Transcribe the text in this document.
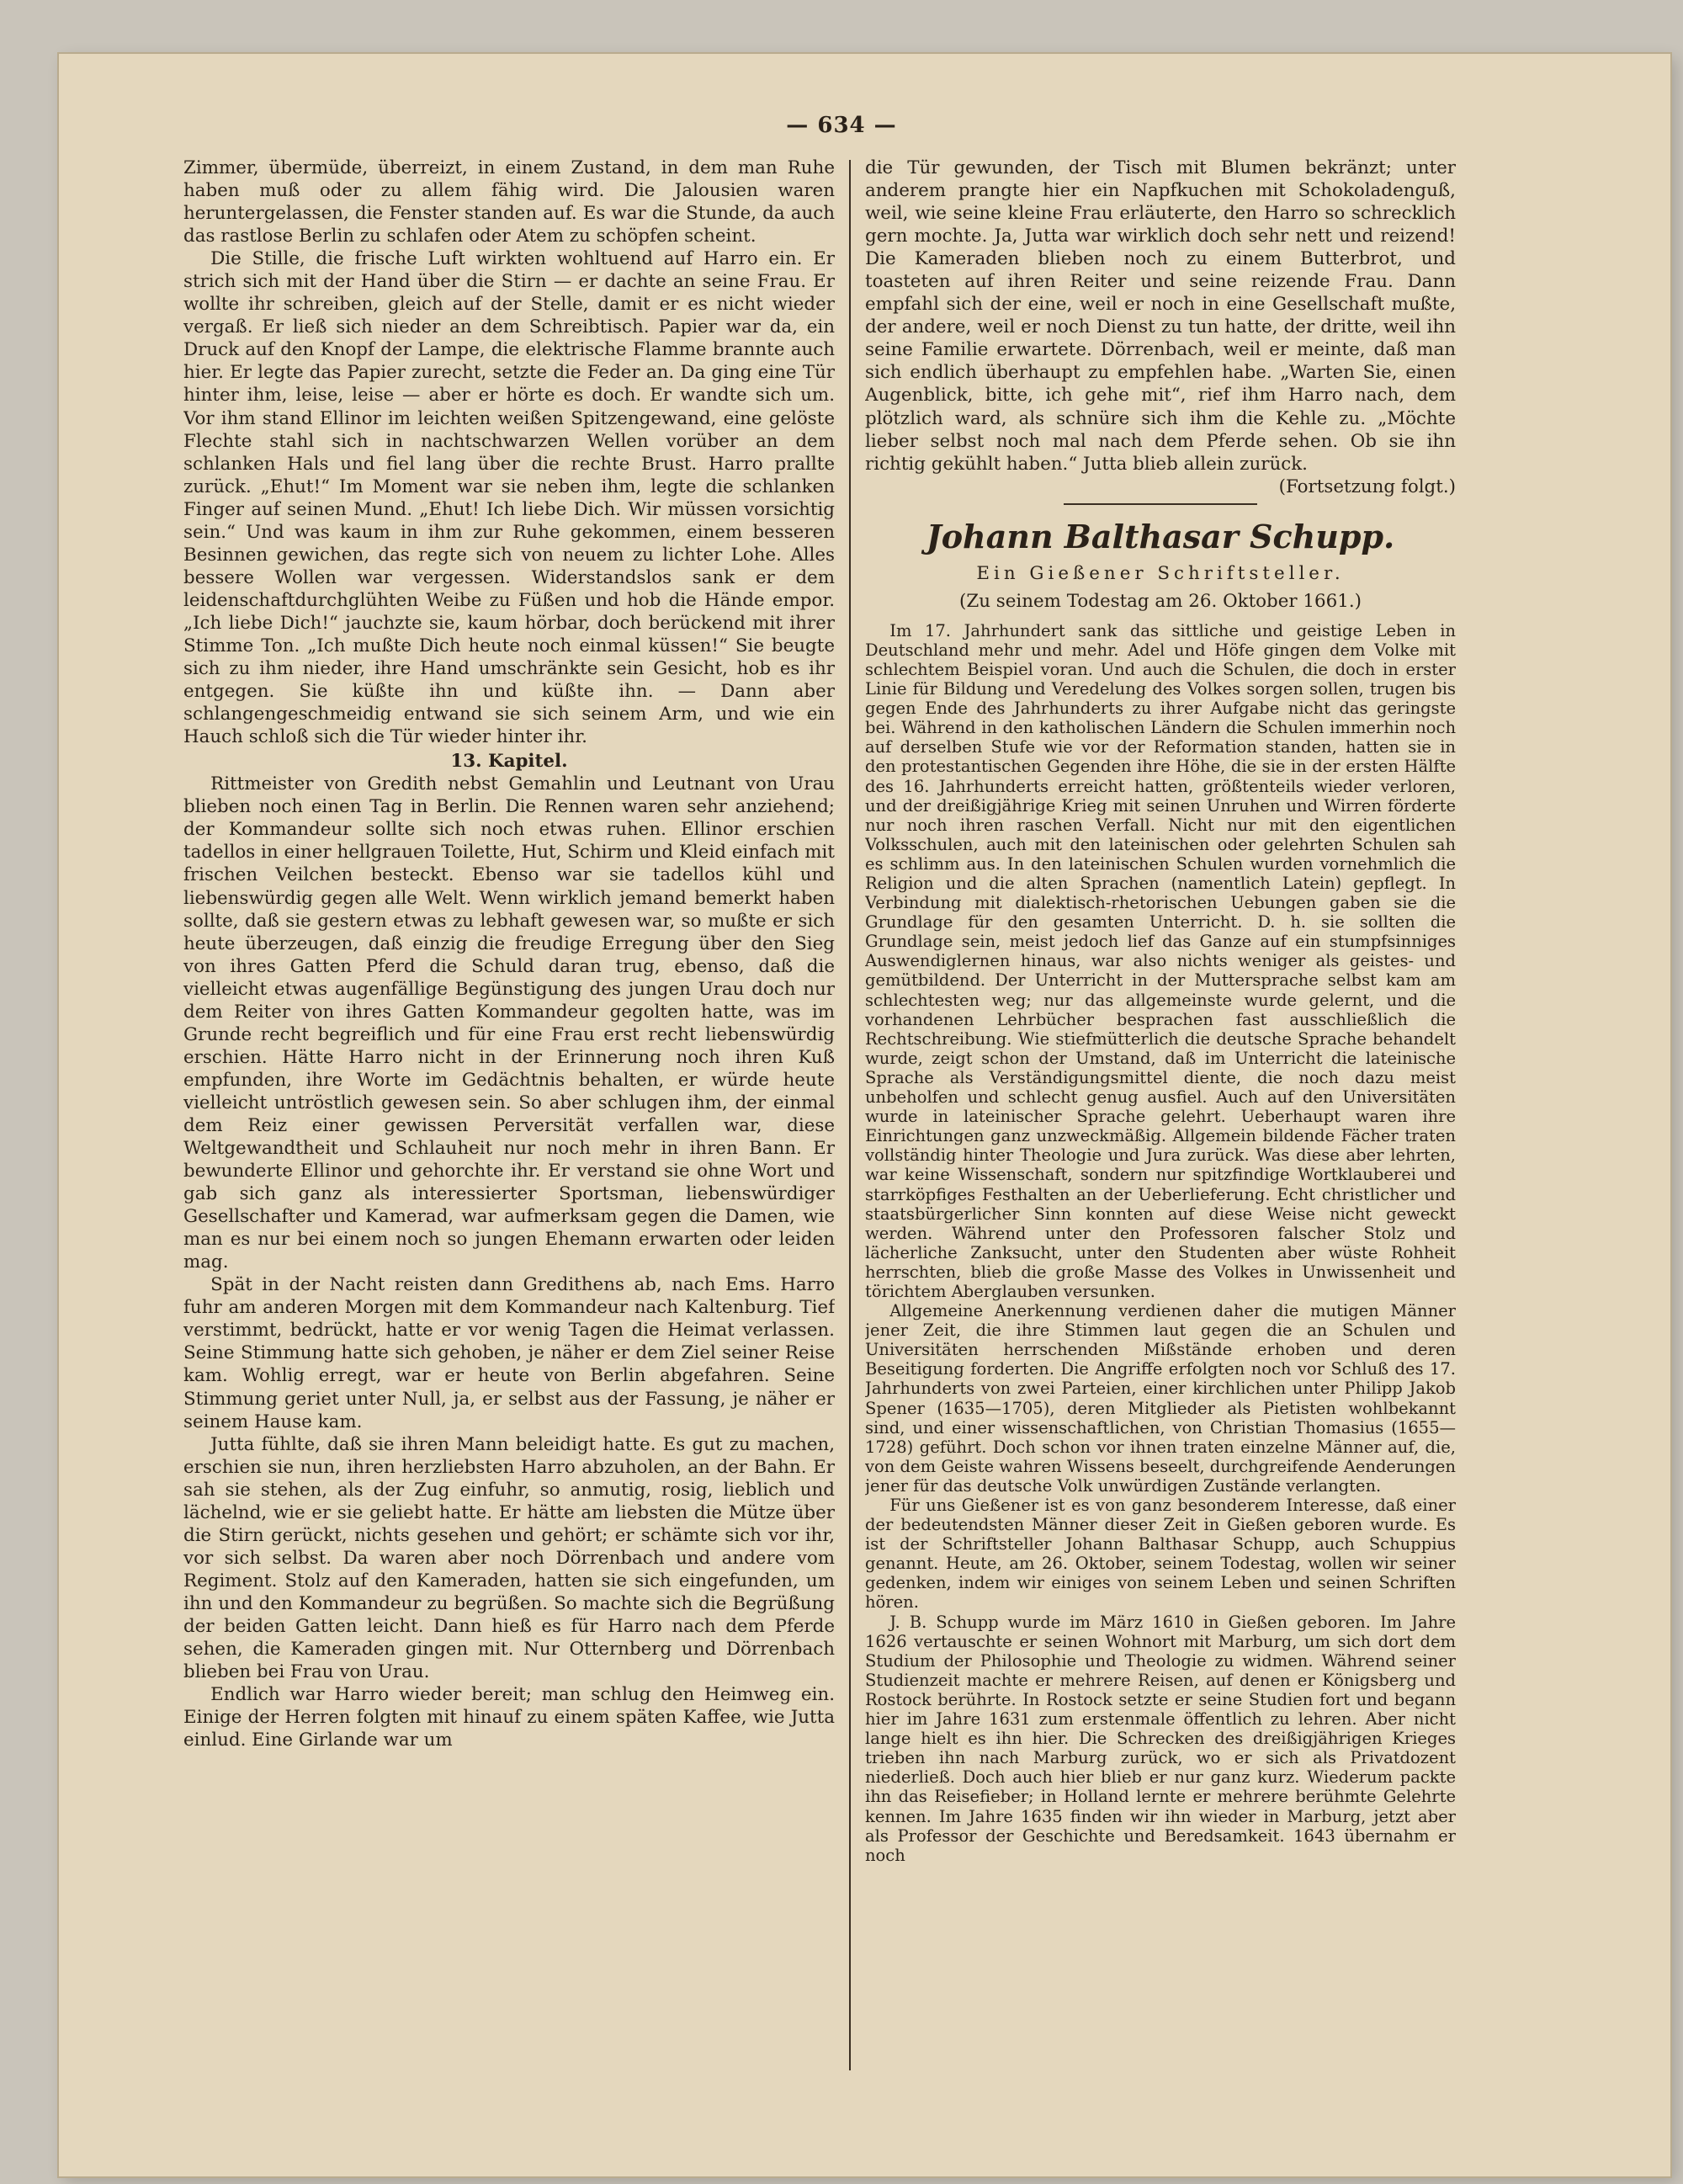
— 634 —

Zimmer, übermüde, überreizt, in einem Zustand, in dem man Ruhe haben muß oder zu allem fähig wird. Die Jalousien waren heruntergelassen, die Fenster standen auf. Es war die Stunde, da auch das rastlose Berlin zu schlafen oder Atem zu schöpfen scheint.

Die Stille, die frische Luft wirkten wohltuend auf Harro ein. Er strich sich mit der Hand über die Stirn — er dachte an seine Frau. Er wollte ihr schreiben, gleich auf der Stelle, damit er es nicht wieder vergaß. Er ließ sich nieder an dem Schreibtisch. Papier war da, ein Druck auf den Knopf der Lampe, die elektrische Flamme brannte auch hier. Er legte das Papier zurecht, setzte die Feder an. Da ging eine Tür hinter ihm, leise, leise — aber er hörte es doch. Er wandte sich um. Vor ihm stand Ellinor im leichten weißen Spitzengewand, eine gelöste Flechte stahl sich in nachtschwarzen Wellen vorüber an dem schlanken Hals und fiel lang über die rechte Brust. Harro prallte zurück. „Ehut!“ Im Moment war sie neben ihm, legte die schlanken Finger auf seinen Mund. „Ehut! Ich liebe Dich. Wir müssen vorsichtig sein.“ Und was kaum in ihm zur Ruhe gekommen, einem besseren Besinnen gewichen, das regte sich von neuem zu lichter Lohe. Alles bessere Wollen war vergessen. Widerstandslos sank er dem leidenschaftdurchglühten Weibe zu Füßen und hob die Hände empor. „Ich liebe Dich!“ jauchzte sie, kaum hörbar, doch berückend mit ihrer Stimme Ton. „Ich mußte Dich heute noch einmal küssen!“ Sie beugte sich zu ihm nieder, ihre Hand umschränkte sein Gesicht, hob es ihr entgegen. Sie küßte ihn und küßte ihn. — Dann aber schlangengeschmeidig entwand sie sich seinem Arm, und wie ein Hauch schloß sich die Tür wieder hinter ihr.

13. Kapitel.

Rittmeister von Gredith nebst Gemahlin und Leutnant von Urau blieben noch einen Tag in Berlin. Die Rennen waren sehr anziehend; der Kommandeur sollte sich noch etwas ruhen. Ellinor erschien tadellos in einer hellgrauen Toilette, Hut, Schirm und Kleid einfach mit frischen Veilchen besteckt. Ebenso war sie tadellos kühl und liebenswürdig gegen alle Welt. Wenn wirklich jemand bemerkt haben sollte, daß sie gestern etwas zu lebhaft gewesen war, so mußte er sich heute überzeugen, daß einzig die freudige Erregung über den Sieg von ihres Gatten Pferd die Schuld daran trug, ebenso, daß die vielleicht etwas augenfällige Begünstigung des jungen Urau doch nur dem Reiter von ihres Gatten Kommandeur gegolten hatte, was im Grunde recht begreiflich und für eine Frau erst recht liebenswürdig erschien. Hätte Harro nicht in der Erinnerung noch ihren Kuß empfunden, ihre Worte im Gedächtnis behalten, er würde heute vielleicht untröstlich gewesen sein. So aber schlugen ihm, der einmal dem Reiz einer gewissen Perversität verfallen war, diese Weltgewandtheit und Schlauheit nur noch mehr in ihren Bann. Er bewunderte Ellinor und gehorchte ihr. Er verstand sie ohne Wort und gab sich ganz als interessierter Sportsman, liebenswürdiger Gesellschafter und Kamerad, war aufmerksam gegen die Damen, wie man es nur bei einem noch so jungen Ehemann erwarten oder leiden mag.

Spät in der Nacht reisten dann Gredithens ab, nach Ems. Harro fuhr am anderen Morgen mit dem Kommandeur nach Kaltenburg. Tief verstimmt, bedrückt, hatte er vor wenig Tagen die Heimat verlassen. Seine Stimmung hatte sich gehoben, je näher er dem Ziel seiner Reise kam. Wohlig erregt, war er heute von Berlin abgefahren. Seine Stimmung geriet unter Null, ja, er selbst aus der Fassung, je näher er seinem Hause kam.

Jutta fühlte, daß sie ihren Mann beleidigt hatte. Es gut zu machen, erschien sie nun, ihren herzliebsten Harro abzuholen, an der Bahn. Er sah sie stehen, als der Zug einfuhr, so anmutig, rosig, lieblich und lächelnd, wie er sie geliebt hatte. Er hätte am liebsten die Mütze über die Stirn gerückt, nichts gesehen und gehört; er schämte sich vor ihr, vor sich selbst. Da waren aber noch Dörrenbach und andere vom Regiment. Stolz auf den Kameraden, hatten sie sich eingefunden, um ihn und den Kommandeur zu begrüßen. So machte sich die Begrüßung der beiden Gatten leicht. Dann hieß es für Harro nach dem Pferde sehen, die Kameraden gingen mit. Nur Otternberg und Dörrenbach blieben bei Frau von Urau.

Endlich war Harro wieder bereit; man schlug den Heimweg ein. Einige der Herren folgten mit hinauf zu einem späten Kaffee, wie Jutta einlud. Eine Girlande war um

die Tür gewunden, der Tisch mit Blumen bekränzt; unter anderem prangte hier ein Napfkuchen mit Schokoladenguß, weil, wie seine kleine Frau erläuterte, den Harro so schrecklich gern mochte. Ja, Jutta war wirklich doch sehr nett und reizend! Die Kameraden blieben noch zu einem Butterbrot, und toasteten auf ihren Reiter und seine reizende Frau. Dann empfahl sich der eine, weil er noch in eine Gesellschaft mußte, der andere, weil er noch Dienst zu tun hatte, der dritte, weil ihn seine Familie erwartete. Dörrenbach, weil er meinte, daß man sich endlich überhaupt zu empfehlen habe. „Warten Sie, einen Augenblick, bitte, ich gehe mit“, rief ihm Harro nach, dem plötzlich ward, als schnüre sich ihm die Kehle zu. „Möchte lieber selbst noch mal nach dem Pferde sehen. Ob sie ihn richtig gekühlt haben.“ Jutta blieb allein zurück.

(Fortsetzung folgt.)
Johann Balthasar Schupp.
Ein Gießener Schriftsteller.
(Zu seinem Todestag am 26. Oktober 1661.)

Im 17. Jahrhundert sank das sittliche und geistige Leben in Deutschland mehr und mehr. Adel und Höfe gingen dem Volke mit schlechtem Beispiel voran. Und auch die Schulen, die doch in erster Linie für Bildung und Veredelung des Volkes sorgen sollen, trugen bis gegen Ende des Jahrhunderts zu ihrer Aufgabe nicht das geringste bei. Während in den katholischen Ländern die Schulen immerhin noch auf derselben Stufe wie vor der Reformation standen, hatten sie in den protestantischen Gegenden ihre Höhe, die sie in der ersten Hälfte des 16. Jahrhunderts erreicht hatten, größtenteils wieder verloren, und der dreißigjährige Krieg mit seinen Unruhen und Wirren förderte nur noch ihren raschen Verfall. Nicht nur mit den eigentlichen Volksschulen, auch mit den lateinischen oder gelehrten Schulen sah es schlimm aus. In den lateinischen Schulen wurden vornehmlich die Religion und die alten Sprachen (namentlich Latein) gepflegt. In Verbindung mit dialektisch-rhetorischen Uebungen gaben sie die Grundlage für den gesamten Unterricht. D. h. sie sollten die Grundlage sein, meist jedoch lief das Ganze auf ein stumpfsinniges Auswendiglernen hinaus, war also nichts weniger als geistes- und gemütbildend. Der Unterricht in der Muttersprache selbst kam am schlechtesten weg; nur das allgemeinste wurde gelernt, und die vorhandenen Lehrbücher besprachen fast ausschließlich die Rechtschreibung. Wie stiefmütterlich die deutsche Sprache behandelt wurde, zeigt schon der Umstand, daß im Unterricht die lateinische Sprache als Verständigungsmittel diente, die noch dazu meist unbeholfen und schlecht genug ausfiel. Auch auf den Universitäten wurde in lateinischer Sprache gelehrt. Ueberhaupt waren ihre Einrichtungen ganz unzweckmäßig. Allgemein bildende Fächer traten vollständig hinter Theologie und Jura zurück. Was diese aber lehrten, war keine Wissenschaft, sondern nur spitzfindige Wortklauberei und starrköpfiges Festhalten an der Ueberlieferung. Echt christlicher und staatsbürgerlicher Sinn konnten auf diese Weise nicht geweckt werden. Während unter den Professoren falscher Stolz und lächerliche Zanksucht, unter den Studenten aber wüste Rohheit herrschten, blieb die große Masse des Volkes in Unwissenheit und törichtem Aberglauben versunken.

Allgemeine Anerkennung verdienen daher die mutigen Männer jener Zeit, die ihre Stimmen laut gegen die an Schulen und Universitäten herrschenden Mißstände erhoben und deren Beseitigung forderten. Die Angriffe erfolgten noch vor Schluß des 17. Jahrhunderts von zwei Parteien, einer kirchlichen unter Philipp Jakob Spener (1635—1705), deren Mitglieder als Pietisten wohlbekannt sind, und einer wissenschaftlichen, von Christian Thomasius (1655—1728) geführt. Doch schon vor ihnen traten einzelne Männer auf, die, von dem Geiste wahren Wissens beseelt, durchgreifende Aenderungen jener für das deutsche Volk unwürdigen Zustände verlangten.

Für uns Gießener ist es von ganz besonderem Interesse, daß einer der bedeutendsten Männer dieser Zeit in Gießen geboren wurde. Es ist der Schriftsteller Johann Balthasar Schupp, auch Schuppius genannt. Heute, am 26. Oktober, seinem Todestag, wollen wir seiner gedenken, indem wir einiges von seinem Leben und seinen Schriften hören.

J. B. Schupp wurde im März 1610 in Gießen geboren. Im Jahre 1626 vertauschte er seinen Wohnort mit Marburg, um sich dort dem Studium der Philosophie und Theologie zu widmen. Während seiner Studienzeit machte er mehrere Reisen, auf denen er Königsberg und Rostock berührte. In Rostock setzte er seine Studien fort und begann hier im Jahre 1631 zum erstenmale öffentlich zu lehren. Aber nicht lange hielt es ihn hier. Die Schrecken des dreißigjährigen Krieges trieben ihn nach Marburg zurück, wo er sich als Privatdozent niederließ. Doch auch hier blieb er nur ganz kurz. Wiederum packte ihn das Reisefieber; in Holland lernte er mehrere berühmte Gelehrte kennen. Im Jahre 1635 finden wir ihn wieder in Marburg, jetzt aber als Professor der Geschichte und Beredsamkeit. 1643 übernahm er noch
